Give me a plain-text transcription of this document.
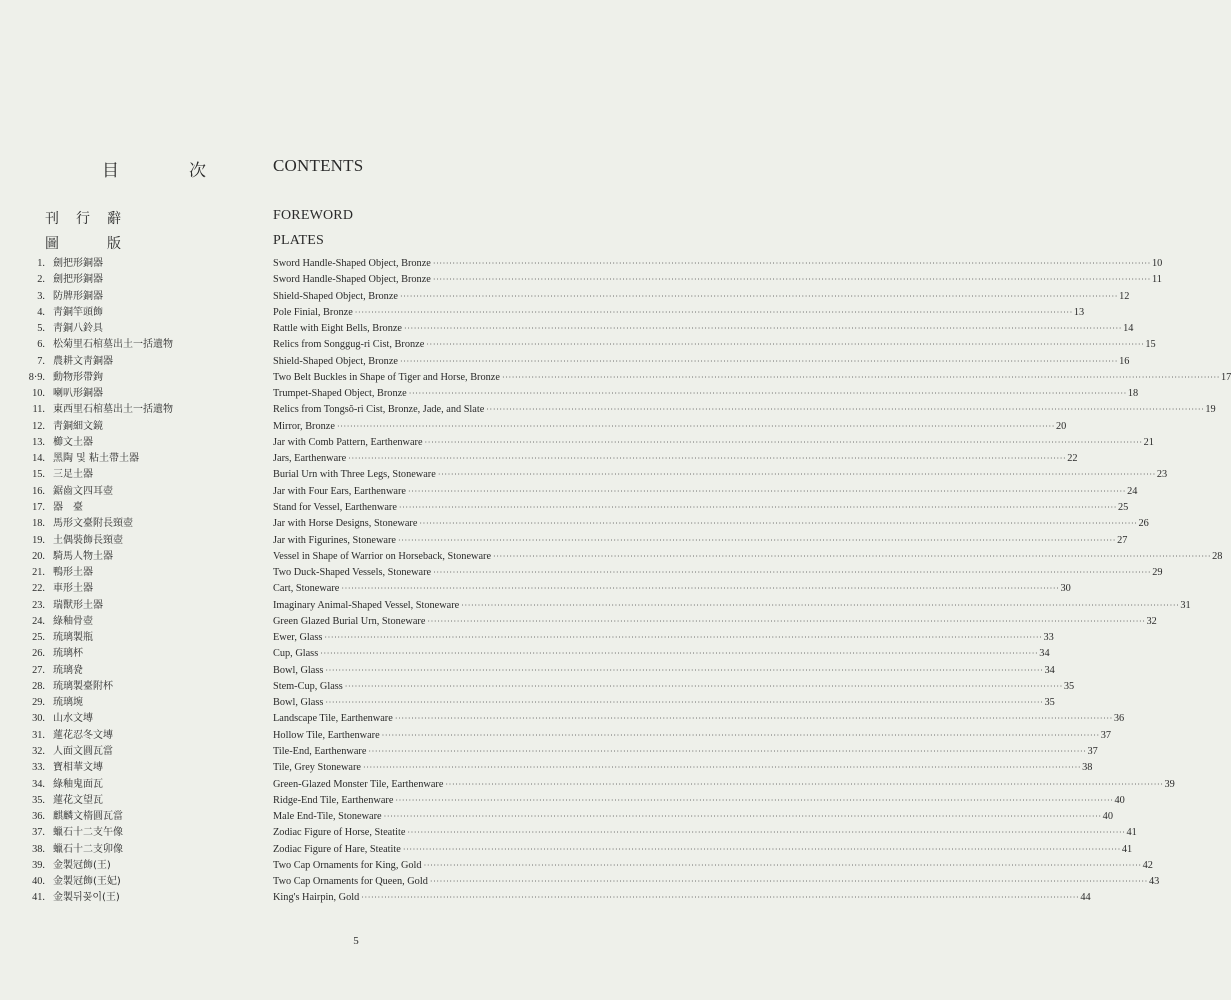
目	次	CONTENTS
刊 行 辭	FOREWORD
圖	版	PLATES
1. 劍把形銅器	Sword Handle-Shaped Object, Bronze ···························································································································································································································· 10
2. 劍把形銅器	Sword Handle-Shaped Object, Bronze ···························································································································································································································· 11
3. 防牌形銅器	Shield-Shaped Object, Bronze ···························································································································································································································· 12
4. 靑銅竿頭飾	Pole Finial, Bronze ···························································································································································································································· 13
5. 靑銅八鈴具	Rattle with Eight Bells, Bronze ···························································································································································································································· 14
6. 松菊里石棺墓出土一括遺物	Relics from Songgug-ri Cist, Bronze ···························································································································································································································· 15
7. 農耕文靑銅器	Shield-Shaped Object, Bronze ···························································································································································································································· 16
8·9. 動物形帶鉤	Two Belt Buckles in Shape of Tiger and Horse, Bronze ···························································································································································································································· 17
10. 喇叭形銅器	Trumpet-Shaped Object, Bronze ···························································································································································································································· 18
11. 東西里石棺墓出土一括遺物	Relics from Tongsŏ-ri Cist, Bronze, Jade, and Slate ···························································································································································································································· 19
12. 靑銅細文鏡	Mirror, Bronze ···························································································································································································································· 20
13. 櫛文土器	Jar with Comb Pattern, Earthenware ···························································································································································································································· 21
14. 黑陶 및 粘土帶土器	Jars, Earthenware ···························································································································································································································· 22
15. 三足土器	Burial Urn with Three Legs, Stoneware ···························································································································································································································· 23
16. 鋸齒文四耳壺	Jar with Four Ears, Earthenware ···························································································································································································································· 24
17. 器　臺	Stand for Vessel, Earthenware ···························································································································································································································· 25
18. 馬形文臺附長頸壺	Jar with Horse Designs, Stoneware ···························································································································································································································· 26
19. 土偶裝飾長頸壺	Jar with Figurines, Stoneware ···························································································································································································································· 27
20. 騎馬人物土器	Vessel in Shape of Warrior on Horseback, Stoneware ···························································································································································································································· 28
21. 鴨形土器	Two Duck-Shaped Vessels, Stoneware ···························································································································································································································· 29
22. 車形土器	Cart, Stoneware ···························································································································································································································· 30
23. 瑞獸形土器	Imaginary Animal-Shaped Vessel, Stoneware ···························································································································································································································· 31
24. 綠釉骨壺	Green Glazed Burial Urn, Stoneware ···························································································································································································································· 32
25. 琉璃製瓶	Ewer, Glass ···························································································································································································································· 33
26. 琉璃杯	Cup, Glass ···························································································································································································································· 34
27. 琉璃㼜	Bowl, Glass ···························································································································································································································· 34
28. 琉璃製臺附杯	Stem-Cup, Glass ···························································································································································································································· 35
29. 琉璃埦	Bowl, Glass ···························································································································································································································· 35
30. 山水文塼	Landscape Tile, Earthenware ···························································································································································································································· 36
31. 蓮花忍冬文塼	Hollow Tile, Earthenware ···························································································································································································································· 37
32. 人面文圓瓦當	Tile-End, Earthenware ···························································································································································································································· 37
33. 寶相華文塼	Tile, Grey Stoneware ···························································································································································································································· 38
34. 綠釉鬼面瓦	Green-Glazed Monster Tile, Earthenware ···························································································································································································································· 39
35. 蓮花文望瓦	Ridge-End Tile, Earthenware ···························································································································································································································· 40
36. 麒麟文楕圓瓦當	Male End-Tile, Stoneware ···························································································································································································································· 40
37. 蠟石十二支午像	Zodiac Figure of Horse, Steatite ···························································································································································································································· 41
38. 蠟石十二支卯像	Zodiac Figure of Hare, Steatite ···························································································································································································································· 41
39. 金製冠飾(王)	Two Cap Ornaments for King, Gold ···························································································································································································································· 42
40. 金製冠飾(王妃)	Two Cap Ornaments for Queen, Gold ···························································································································································································································· 43
41. 金製뒤꽂이(王)	King's Hairpin, Gold ···························································································································································································································· 44
5
